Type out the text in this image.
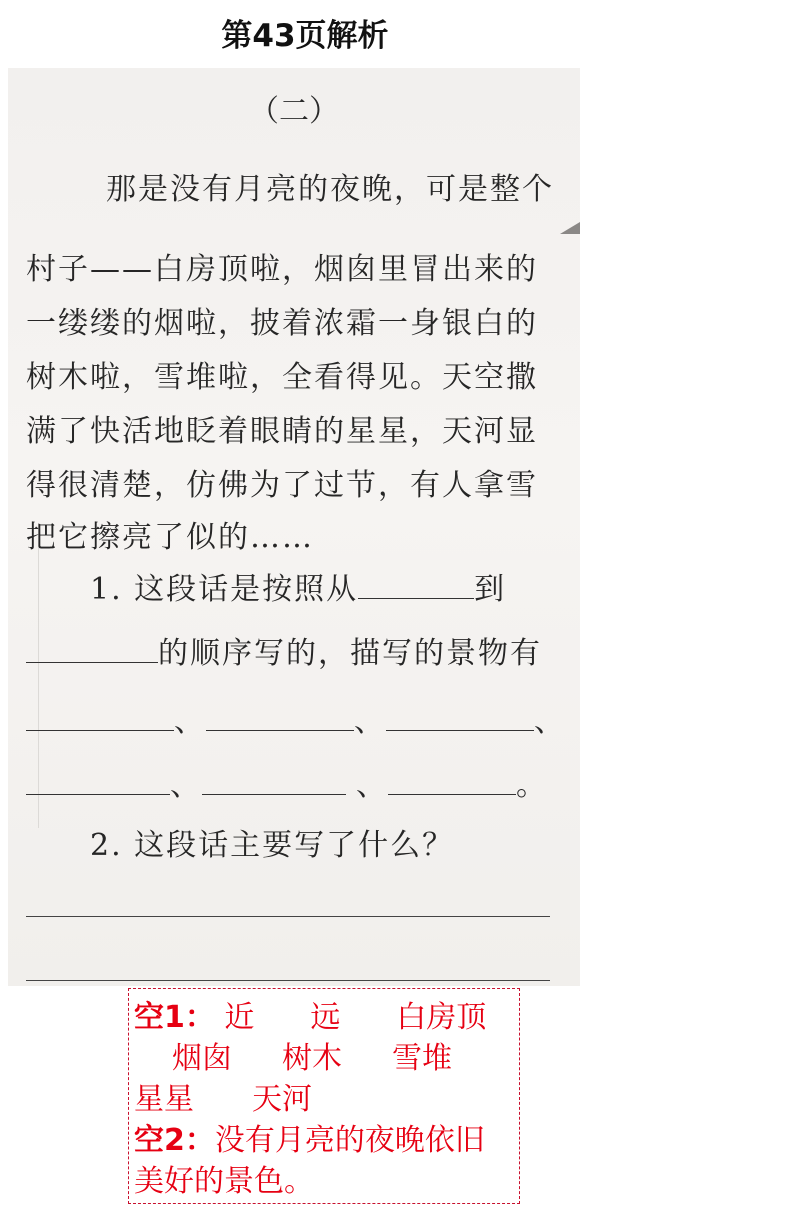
第43页解析
（二）
那是没有月亮的夜晚，可是整个
村子——白房顶啦，烟囱里冒出来的
一缕缕的烟啦，披着浓霜一身银白的
树木啦，雪堆啦，全看得见。天空撒
满了快活地眨着眼睛的星星，天河显
得很清楚，仿佛为了过节，有人拿雪
把它擦亮了似的……
1. 这段话是按照从	到
的顺序写的，描写的景物有
、	、	、
、	、	。
2. 这段话主要写了什么？
空1： 近 远 白房顶
烟囱 树木 雪堆
星星 天河
空2：没有月亮的夜晚依旧
美好的景色。
